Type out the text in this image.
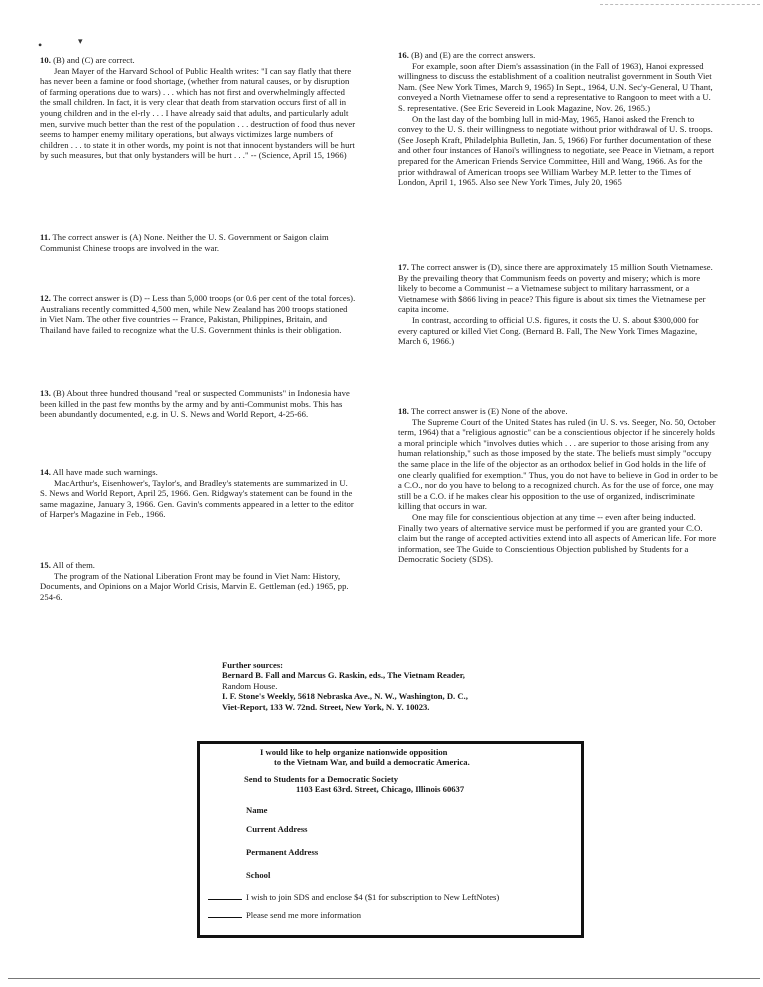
•	▾

10. (B) and (C) are correct.

Jean Mayer of the Harvard School of Public Health writes: "I can say flatly that there has never been a famine or food shortage, (whether from natural causes, or by disruption of farming operations due to wars) . . . which has not first and overwhelmingly affected the small children. In fact, it is very clear that death from starvation occurs first of all in young children and in the el-rly . . . I have already said that adults, and particularly adult men, survive much better than the rest of the population . . . destruction of food thus never seems to hamper enemy military operations, but always victimizes large numbers of children . . . to state it in other words, my point is not that innocent bystanders will be hurt by such measures, but that only bystanders will be hurt . . ." -- (Science, April 15, 1966)

11. The correct answer is (A) None. Neither the U. S. Government or Saigon claim Communist Chinese troops are involved in the war.

12. The correct answer is (D) -- Less than 5,000 troops (or 0.6 per cent of the total forces). Australians recently committed 4,500 men, while New Zealand has 200 troops stationed in Viet Nam. The other five countries -- France, Pakistan, Philippines, Britain, and Thailand have failed to recognize what the U.S. Government thinks is their obligation.

13. (B) About three hundred thousand "real or suspected Communists" in Indonesia have been killed in the past few months by the army and by anti-Communist mobs. This has been abundantly documented, e.g. in U. S. News and World Report, 4-25-66.

14. All have made such warnings.

MacArthur's, Eisenhower's, Taylor's, and Bradley's statements are summarized in U. S. News and World Report, April 25, 1966. Gen. Ridgway's statement can be found in the same magazine, January 3, 1966. Gen. Gavin's comments appeared in a letter to the editor of Harper's Magazine in Feb., 1966.

15. All of them.

The program of the National Liberation Front may be found in Viet Nam: History, Documents, and Opinions on a Major World Crisis, Marvin E. Gettleman (ed.) 1965, pp. 254-6.

16. (B) and (E) are the correct answers.

For example, soon after Diem's assassination (in the Fall of 1963), Hanoi expressed willingness to discuss the establishment of a coalition neutralist government in South Viet Nam. (See New York Times, March 9, 1965) In Sept., 1964, U.N. Sec'y-General, U Thant, conveyed a North Vietnamese offer to send a representative to Rangoon to meet with a U. S. representative. (See Eric Severeid in Look Magazine, Nov. 26, 1965.)

On the last day of the bombing lull in mid-May, 1965, Hanoi asked the French to convey to the U. S. their willingness to negotiate without prior withdrawal of U. S. troops. (See Joseph Kraft, Philadelphia Bulletin, Jan. 5, 1966) For further documentation of these and other four instances of Hanoi's willingness to negotiate, see Peace in Vietnam, a report prepared for the American Friends Service Committee, Hill and Wang, 1966. As for the prior withdrawal of American troops see William Warbey M.P. letter to the Times of London, April 1, 1965. Also see New York Times, July 20, 1965

17. The correct answer is (D), since there are approximately 15 million South Vietnamese. By the prevailing theory that Communism feeds on poverty and misery; which is more likely to become a Communist -- a Vietnamese subject to military harrassment, or a Vietnamese with $866 living in peace? This figure is about six times the Vietnamese per capita income.

In contrast, according to official U.S. figures, it costs the U. S. about $300,000 for every captured or killed Viet Cong. (Bernard B. Fall, The New York Times Magazine, March 6, 1966.)

18. The correct answer is (E) None of the above.

The Supreme Court of the United States has ruled (in U. S. vs. Seeger, No. 50, October term, 1964) that a "religious agnostic" can be a conscientious objector if he sincerely holds a moral principle which "involves duties which . . . are superior to those arising from any human relationship," such as those imposed by the state. The beliefs must simply "occupy the same place in the life of the objector as an orthodox belief in God holds in the life of one clearly qualified for exemption." Thus, you do not have to believe in God in order to be a C.O., nor do you have to belong to a recognized church. As for the use of force, one may still be a C.O. if he makes clear his opposition to the use of organized, indiscriminate killing that occurs in war.

One may file for conscientious objection at any time -- even after being inducted. Finally two years of alternative service must be performed if you are granted your C.O. claim but the range of accepted activities extend into all aspects of American life. For more information, see The Guide to Conscientious Objection published by Students for a Democratic Society (SDS).

Further sources:
Bernard B. Fall and Marcus G. Raskin, eds., The Vietnam Reader,
Random House.
I. F. Stone's Weekly, 5618 Nebraska Ave., N. W., Washington, D. C.,
Viet-Report, 133 W. 72nd. Street, New York, N. Y. 10023.
I would like to help organize nationwide opposition
to the Vietnam War, and build a democratic America.
Send to Students for a Democratic Society
1103 East 63rd. Street, Chicago, Illinois 60637
Name
Current Address
Permanent Address
School
I wish to join SDS and enclose $4 ($1 for subscription to New LeftNotes)
Please send me more information
